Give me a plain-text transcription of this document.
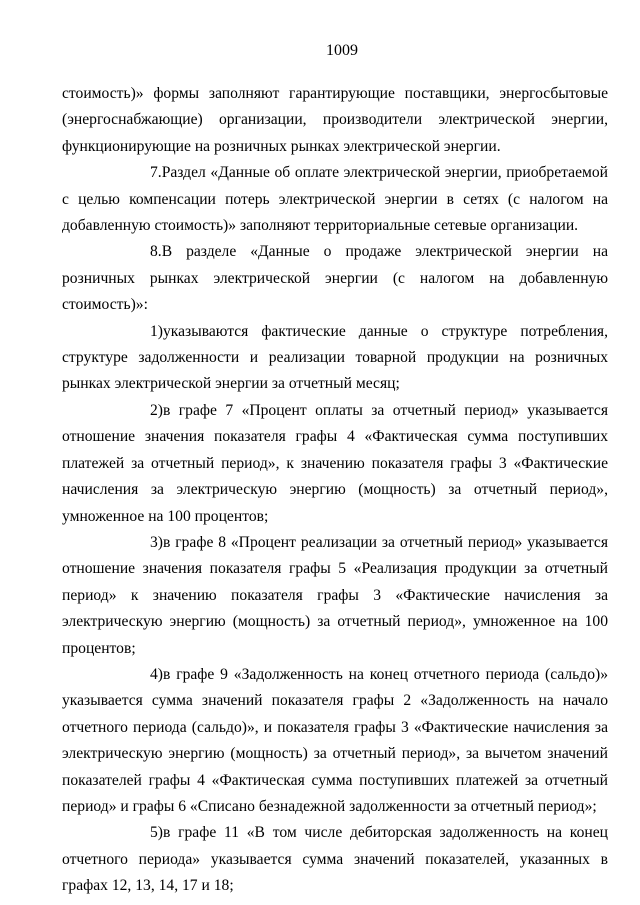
1009

стоимость)» формы заполняют гарантирующие поставщики, энергосбытовые (энергоснабжающие) организации, производители электрической энергии, функционирующие на розничных рынках электрической энергии.

7.Раздел «Данные об оплате электрической энергии, приобретаемой с целью компенсации потерь электрической энергии в сетях (с налогом на добавленную стоимость)» заполняют территориальные сетевые организации.

8.В разделе «Данные о продаже электрической энергии на розничных рынках электрической энергии (с налогом на добавленную стоимость)»:

1)указываются фактические данные о структуре потребления, структуре задолженности и реализации товарной продукции на розничных рынках электрической энергии за отчетный месяц;

2)в графе 7 «Процент оплаты за отчетный период» указывается отношение значения показателя графы 4 «Фактическая сумма поступивших платежей за отчетный период», к значению показателя графы 3 «Фактические начисления за электрическую энергию (мощность) за отчетный период», умноженное на 100 процентов;

3)в графе 8 «Процент реализации за отчетный период» указывается отношение значения показателя графы 5 «Реализация продукции за отчетный период» к значению показателя графы 3 «Фактические начисления за электрическую энергию (мощность) за отчетный период», умноженное на 100 процентов;

4)в графе 9 «Задолженность на конец отчетного периода (сальдо)» указывается сумма значений показателя графы 2 «Задолженность на начало отчетного периода (сальдо)», и показателя графы 3 «Фактические начисления за электрическую энергию (мощность) за отчетный период», за вычетом значений показателей графы 4 «Фактическая сумма поступивших платежей за отчетный период» и графы 6 «Списано безнадежной задолженности за отчетный период»;

5)в графе 11 «В том числе дебиторская задолженность на конец отчетного периода» указывается сумма значений показателей, указанных в графах 12, 13, 14, 17 и 18;
